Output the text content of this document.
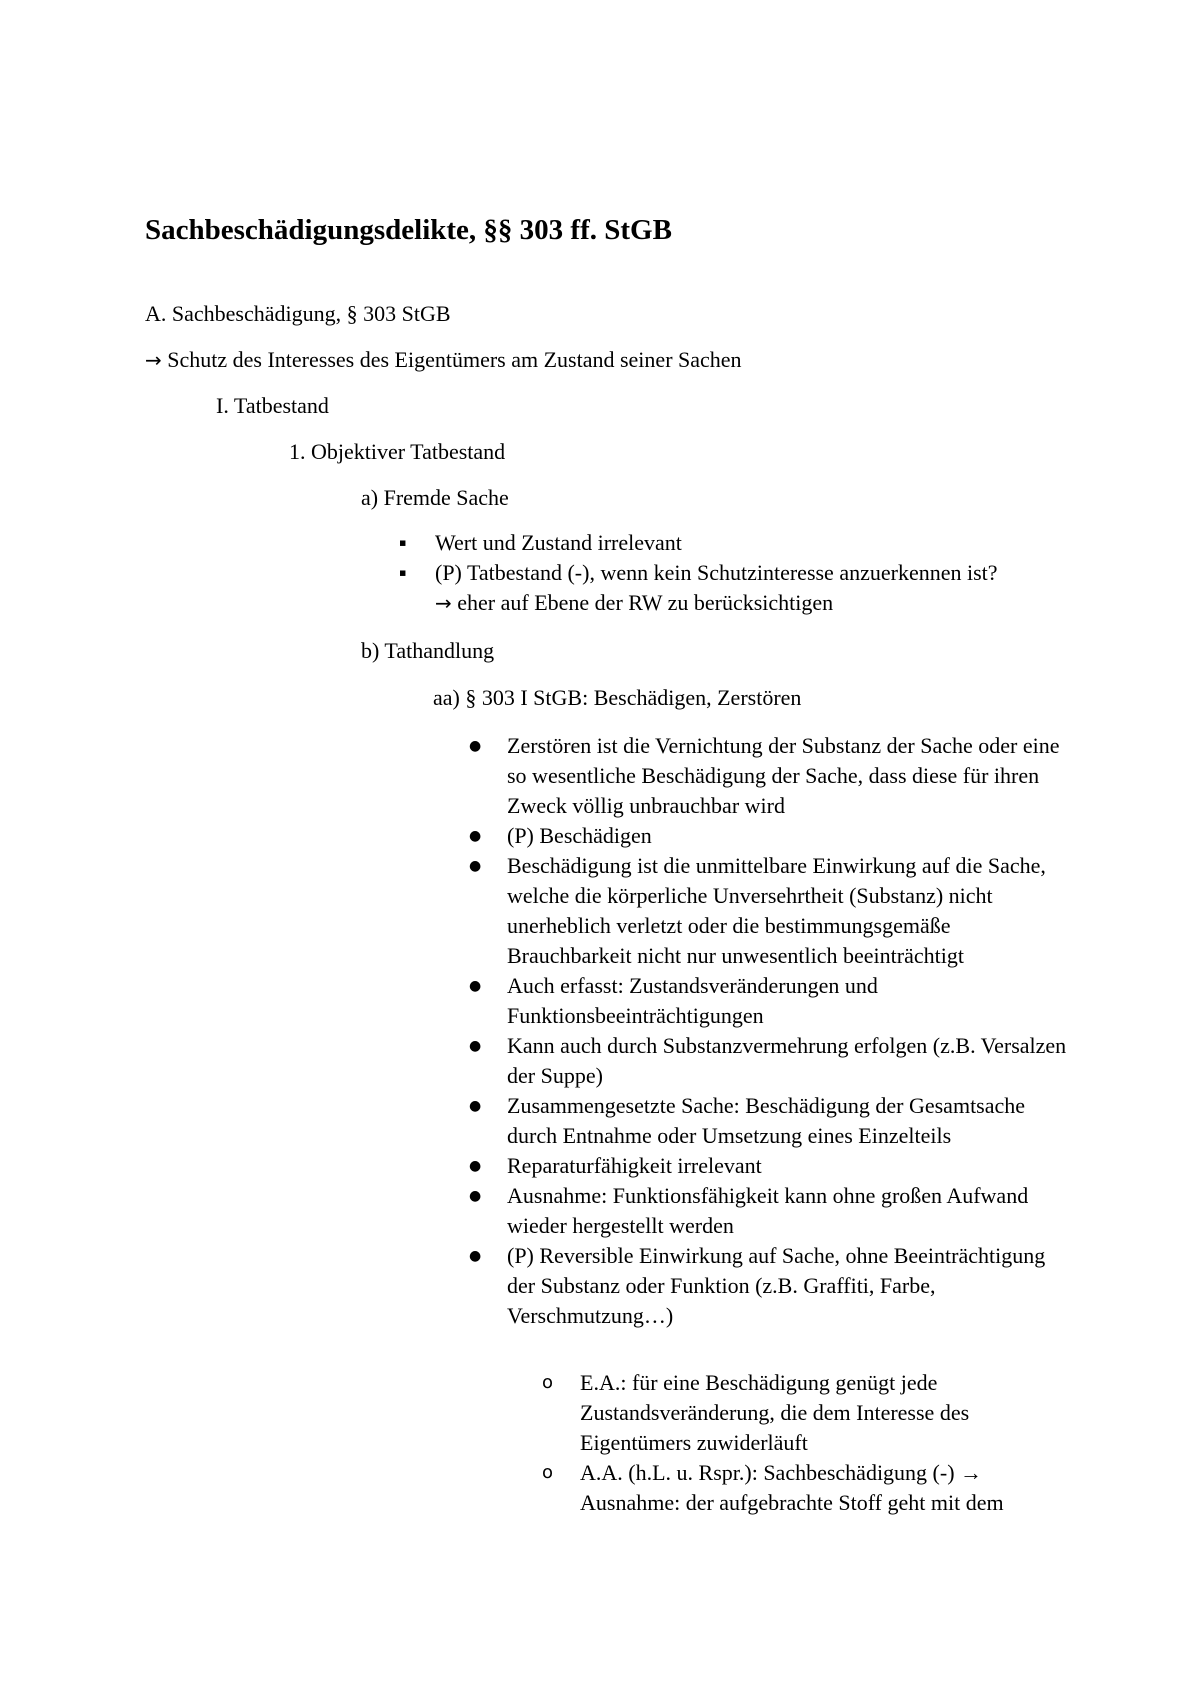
Sachbeschädigungsdelikte, §§ 303 ff. StGB

A. Sachbeschädigung, § 303 StGB

→ Schutz des Interesses des Eigentümers am Zustand seiner Sachen

I. Tatbestand

1. Objektiver Tatbestand

a) Fremde Sache

▪ Wert und Zustand irrelevant
▪ (P) Tatbestand (-), wenn kein Schutzinteresse anzuerkennen ist?
→ eher auf Ebene der RW zu berücksichtigen

b) Tathandlung

aa) § 303 I StGB: Beschädigen, Zerstören

● Zerstören ist die Vernichtung der Substanz der Sache oder eine so wesentliche Beschädigung der Sache, dass diese für ihren Zweck völlig unbrauchbar wird
● (P) Beschädigen
● Beschädigung ist die unmittelbare Einwirkung auf die Sache, welche die körperliche Unversehrtheit (Substanz) nicht unerheblich verletzt oder die bestimmungsgemäße Brauchbarkeit nicht nur unwesentlich beeinträchtigt
● Auch erfasst: Zustandsveränderungen und Funktionsbeeinträchtigungen
● Kann auch durch Substanzvermehrung erfolgen (z.B. Versalzen der Suppe)
● Zusammengesetzte Sache: Beschädigung der Gesamtsache durch Entnahme oder Umsetzung eines Einzelteils
● Reparaturfähigkeit irrelevant
● Ausnahme: Funktionsfähigkeit kann ohne großen Aufwand wieder hergestellt werden
● (P) Reversible Einwirkung auf Sache, ohne Beeinträchtigung der Substanz oder Funktion (z.B. Graffiti, Farbe, Verschmutzung…)
o E.A.: für eine Beschädigung genügt jede Zustandsveränderung, die dem Interesse des Eigentümers zuwiderläuft
o A.A. (h.L. u. Rspr.): Sachbeschädigung (-) → Ausnahme: der aufgebrachte Stoff geht mit dem
